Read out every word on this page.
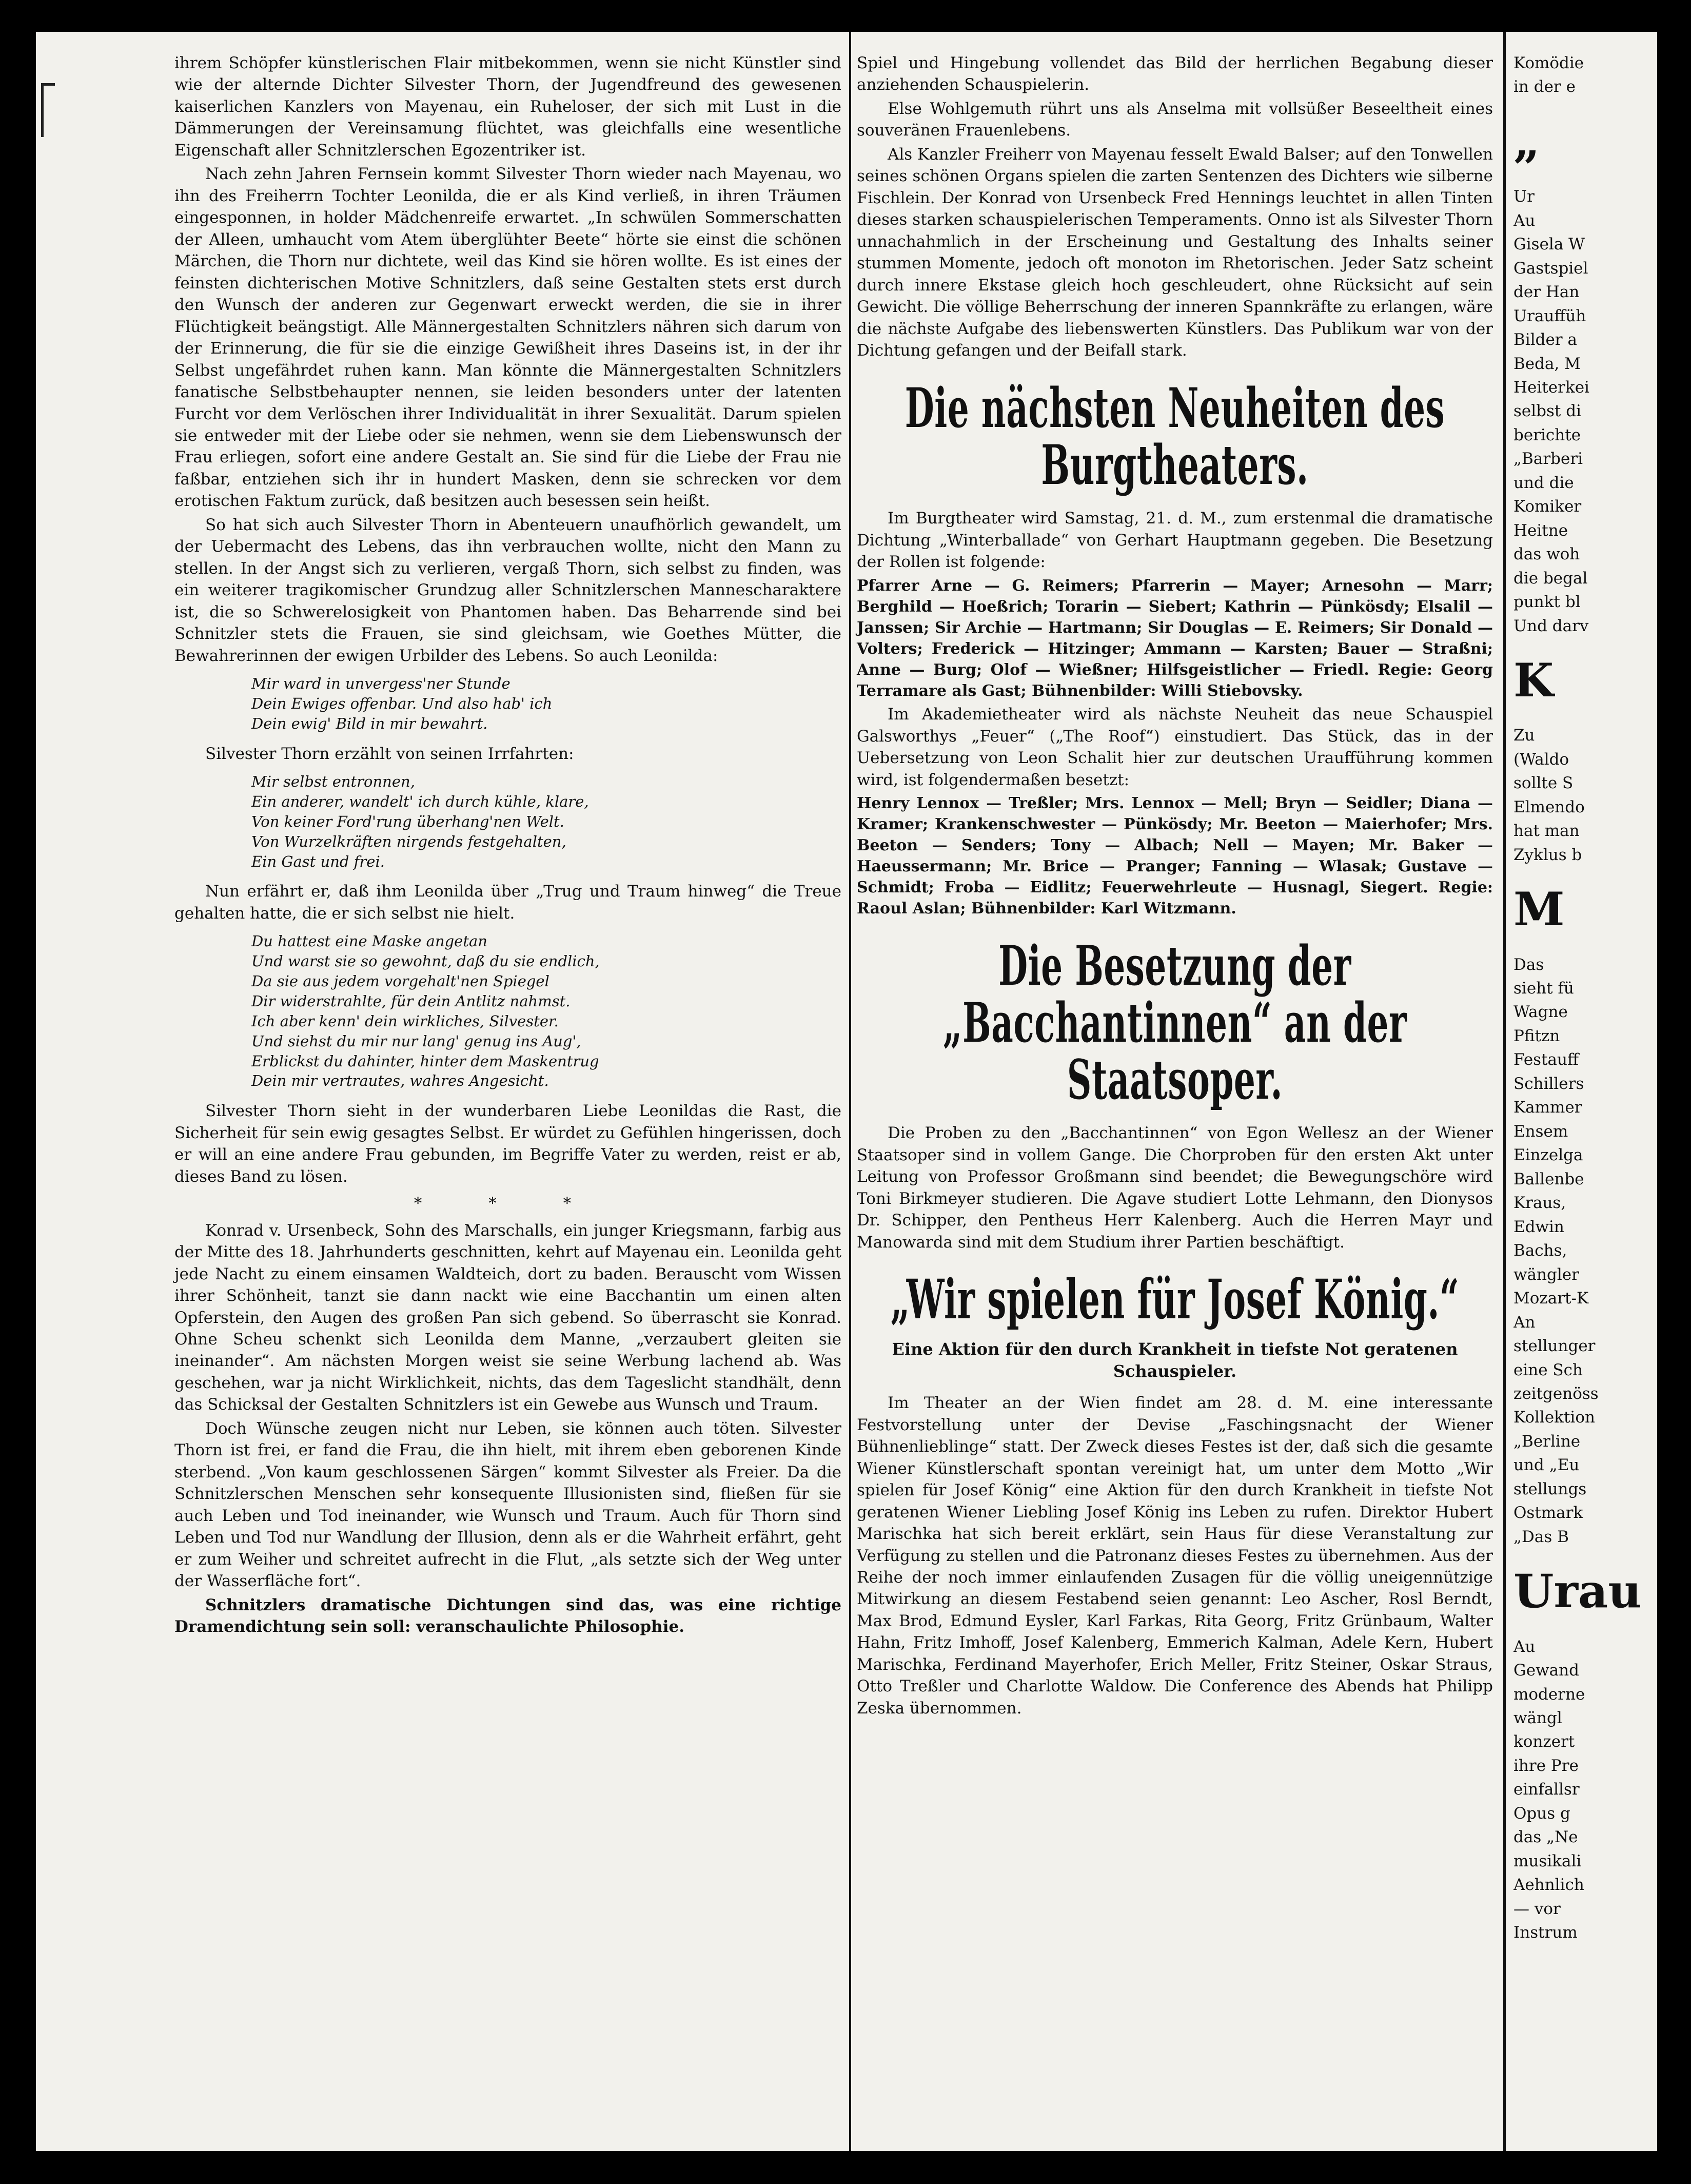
ihrem Schöpfer künstlerischen Flair mitbekommen, wenn sie nicht Künstler sind wie der alternde Dichter Silvester Thorn, der Jugendfreund des gewesenen kaiserlichen Kanzlers von Mayenau, ein Ruheloser, der sich mit Lust in die Dämmerungen der Vereinsamung flüchtet, was gleichfalls eine wesentliche Eigenschaft aller Schnitzlerschen Egozentriker ist.

Nach zehn Jahren Fernsein kommt Silvester Thorn wieder nach Mayenau, wo ihn des Freiherrn Tochter Leonilda, die er als Kind verließ, in ihren Träumen eingesponnen, in holder Mädchenreife erwartet. „In schwülen Sommerschatten der Alleen, umhaucht vom Atem überglühter Beete“ hörte sie einst die schönen Märchen, die Thorn nur dichtete, weil das Kind sie hören wollte. Es ist eines der feinsten dichterischen Motive Schnitzlers, daß seine Gestalten stets erst durch den Wunsch der anderen zur Gegenwart erweckt werden, die sie in ihrer Flüchtigkeit beängstigt. Alle Männergestalten Schnitzlers nähren sich darum von der Erinnerung, die für sie die einzige Gewißheit ihres Daseins ist, in der ihr Selbst ungefährdet ruhen kann. Man könnte die Männergestalten Schnitzlers fanatische Selbstbehaupter nennen, sie leiden besonders unter der latenten Furcht vor dem Verlöschen ihrer Individualität in ihrer Sexualität. Darum spielen sie entweder mit der Liebe oder sie nehmen, wenn sie dem Liebenswunsch der Frau erliegen, sofort eine andere Gestalt an. Sie sind für die Liebe der Frau nie faßbar, entziehen sich ihr in hundert Masken, denn sie schrecken vor dem erotischen Faktum zurück, daß besitzen auch besessen sein heißt.

So hat sich auch Silvester Thorn in Abenteuern unaufhörlich gewandelt, um der Uebermacht des Lebens, das ihn verbrauchen wollte, nicht den Mann zu stellen. In der Angst sich zu verlieren, vergaß Thorn, sich selbst zu finden, was ein weiterer tragikomischer Grundzug aller Schnitzlerschen Mannescharaktere ist, die so Schwerelosigkeit von Phantomen haben. Das Beharrende sind bei Schnitzler stets die Frauen, sie sind gleichsam, wie Goethes Mütter, die Bewahrerinnen der ewigen Urbilder des Lebens. So auch Leonilda:

Mir ward in unvergess'ner Stunde
Dein Ewiges offenbar. Und also hab' ich
Dein ewig' Bild in mir bewahrt.

Silvester Thorn erzählt von seinen Irrfahrten:

Mir selbst entronnen,
Ein anderer, wandelt' ich durch kühle, klare,
Von keiner Ford'rung überhang'nen Welt.
Von Wurzelkräften nirgends festgehalten,
Ein Gast und frei.

Nun erfährt er, daß ihm Leonilda über „Trug und Traum hinweg“ die Treue gehalten hatte, die er sich selbst nie hielt.

Du hattest eine Maske angetan
Und warst sie so gewohnt, daß du sie endlich,
Da sie aus jedem vorgehalt'nen Spiegel
Dir widerstrahlte, für dein Antlitz nahmst.
Ich aber kenn' dein wirkliches, Silvester.
Und siehst du mir nur lang' genug ins Aug',
Erblickst du dahinter, hinter dem Maskentrug
Dein mir vertrautes, wahres Angesicht.

Silvester Thorn sieht in der wunderbaren Liebe Leonildas die Rast, die Sicherheit für sein ewig gesagtes Selbst. Er würdet zu Gefühlen hingerissen, doch er will an eine andere Frau gebunden, im Begriffe Vater zu werden, reist er ab, dieses Band zu lösen.

* * *

Konrad v. Ursenbeck, Sohn des Marschalls, ein junger Kriegsmann, farbig aus der Mitte des 18. Jahrhunderts geschnitten, kehrt auf Mayenau ein. Leonilda geht jede Nacht zu einem einsamen Waldteich, dort zu baden. Berauscht vom Wissen ihrer Schönheit, tanzt sie dann nackt wie eine Bacchantin um einen alten Opferstein, den Augen des großen Pan sich gebend. So überrascht sie Konrad. Ohne Scheu schenkt sich Leonilda dem Manne, „verzaubert gleiten sie ineinander“. Am nächsten Morgen weist sie seine Werbung lachend ab. Was geschehen, war ja nicht Wirklichkeit, nichts, das dem Tageslicht standhält, denn das Schicksal der Gestalten Schnitzlers ist ein Gewebe aus Wunsch und Traum.

Doch Wünsche zeugen nicht nur Leben, sie können auch töten. Silvester Thorn ist frei, er fand die Frau, die ihn hielt, mit ihrem eben geborenen Kinde sterbend. „Von kaum geschlossenen Särgen“ kommt Silvester als Freier. Da die Schnitzlerschen Menschen sehr konsequente Illusionisten sind, fließen für sie auch Leben und Tod ineinander, wie Wunsch und Traum. Auch für Thorn sind Leben und Tod nur Wandlung der Illusion, denn als er die Wahrheit erfährt, geht er zum Weiher und schreitet aufrecht in die Flut, „als setzte sich der Weg unter der Wasserfläche fort“.

Schnitzlers dramatische Dichtungen sind das, was eine richtige Dramendichtung sein soll: veranschaulichte Philosophie.

Spiel und Hingebung vollendet das Bild der herrlichen Begabung dieser anziehenden Schauspielerin.

Else Wohlgemuth rührt uns als Anselma mit vollsüßer Beseeltheit eines souveränen Frauenlebens.

Als Kanzler Freiherr von Mayenau fesselt Ewald Balser; auf den Tonwellen seines schönen Organs spielen die zarten Sentenzen des Dichters wie silberne Fischlein. Der Konrad von Ursenbeck Fred Hennings leuchtet in allen Tinten dieses starken schauspielerischen Temperaments. Onno ist als Silvester Thorn unnachahmlich in der Erscheinung und Gestaltung des Inhalts seiner stummen Momente, jedoch oft monoton im Rhetorischen. Jeder Satz scheint durch innere Ekstase gleich hoch geschleudert, ohne Rücksicht auf sein Gewicht. Die völlige Beherrschung der inneren Spannkräfte zu erlangen, wäre die nächste Aufgabe des liebenswerten Künstlers. Das Publikum war von der Dichtung gefangen und der Beifall stark.

Die nächsten Neuheiten des Burgtheaters.

Im Burgtheater wird Samstag, 21. d. M., zum erstenmal die dramatische Dichtung „Winterballade“ von Gerhart Hauptmann gegeben. Die Besetzung der Rollen ist folgende:

Pfarrer Arne — G. Reimers; Pfarrerin — Mayer; Arnesohn — Marr; Berghild — Hoeßrich; Torarin — Siebert; Kathrin — Pünkösdy; Elsalil — Janssen; Sir Archie — Hartmann; Sir Douglas — E. Reimers; Sir Donald — Volters; Frederick — Hitzinger; Ammann — Karsten; Bauer — Straßni; Anne — Burg; Olof — Wießner; Hilfsgeistlicher — Friedl. Regie: Georg Terramare als Gast; Bühnenbilder: Willi Stiebovsky.

Im Akademietheater wird als nächste Neuheit das neue Schauspiel Galsworthys „Feuer“ („The Roof“) einstudiert. Das Stück, das in der Uebersetzung von Leon Schalit hier zur deutschen Uraufführung kommen wird, ist folgendermaßen besetzt:

Henry Lennox — Treßler; Mrs. Lennox — Mell; Bryn — Seidler; Diana — Kramer; Krankenschwester — Pünkösdy; Mr. Beeton — Maierhofer; Mrs. Beeton — Senders; Tony — Albach; Nell — Mayen; Mr. Baker — Haeussermann; Mr. Brice — Pranger; Fanning — Wlasak; Gustave — Schmidt; Froba — Eidlitz; Feuerwehrleute — Husnagl, Siegert. Regie: Raoul Aslan; Bühnenbilder: Karl Witzmann.

Die Besetzung der „Bacchantinnen“ an der Staatsoper.

Die Proben zu den „Bacchantinnen“ von Egon Wellesz an der Wiener Staatsoper sind in vollem Gange. Die Chorproben für den ersten Akt unter Leitung von Professor Großmann sind beendet; die Bewegungschöre wird Toni Birkmeyer studieren. Die Agave studiert Lotte Lehmann, den Dionysos Dr. Schipper, den Pentheus Herr Kalenberg. Auch die Herren Mayr und Manowarda sind mit dem Studium ihrer Partien beschäftigt.

„Wir spielen für Josef König.“
Eine Aktion für den durch Krankheit in tiefste Not geratenen Schauspieler.

Im Theater an der Wien findet am 28. d. M. eine interessante Festvorstellung unter der Devise „Faschingsnacht der Wiener Bühnenlieblinge“ statt. Der Zweck dieses Festes ist der, daß sich die gesamte Wiener Künstlerschaft spontan vereinigt hat, um unter dem Motto „Wir spielen für Josef König“ eine Aktion für den durch Krankheit in tiefste Not geratenen Wiener Liebling Josef König ins Leben zu rufen. Direktor Hubert Marischka hat sich bereit erklärt, sein Haus für diese Veranstaltung zur Verfügung zu stellen und die Patronanz dieses Festes zu übernehmen. Aus der Reihe der noch immer einlaufenden Zusagen für die völlig uneigennützige Mitwirkung an diesem Festabend seien genannt: Leo Ascher, Rosl Berndt, Max Brod, Edmund Eysler, Karl Farkas, Rita Georg, Fritz Grünbaum, Walter Hahn, Fritz Imhoff, Josef Kalenberg, Emmerich Kalman, Adele Kern, Hubert Marischka, Ferdinand Mayerhofer, Erich Meller, Fritz Steiner, Oskar Straus, Otto Treßler und Charlotte Waldow. Die Conference des Abends hat Philipp Zeska übernommen.

Komödie

in der e

„

Ur

Au

Gisela W

Gastspiel

der Han

Urauffüh

Bilder a

Beda, M

Heiterkei

selbst di

berichte

„Barberi

und die

Komiker

Heitne

das woh

die begal

punkt bl

Und darv

K

Zu

(Waldo

sollte S

Elmendo

hat man

Zyklus b

M

Das

sieht fü

Wagne

Pfitzn

Festauff

Schillers

Kammer

Ensem

Einzelga

Ballenbe

Kraus,

Edwin

Bachs,

wängler

Mozart-K

An

stellunger

eine Sch

zeitgenöss

Kollektion

„Berline

und „Eu

stellungs

Ostmark

„Das B

Urau

Au

Gewand

moderne

wängl

konzert

ihre Pre

einfallsr

Opus g

das „Ne

musikali

Aehnlich

— vor

Instrum
